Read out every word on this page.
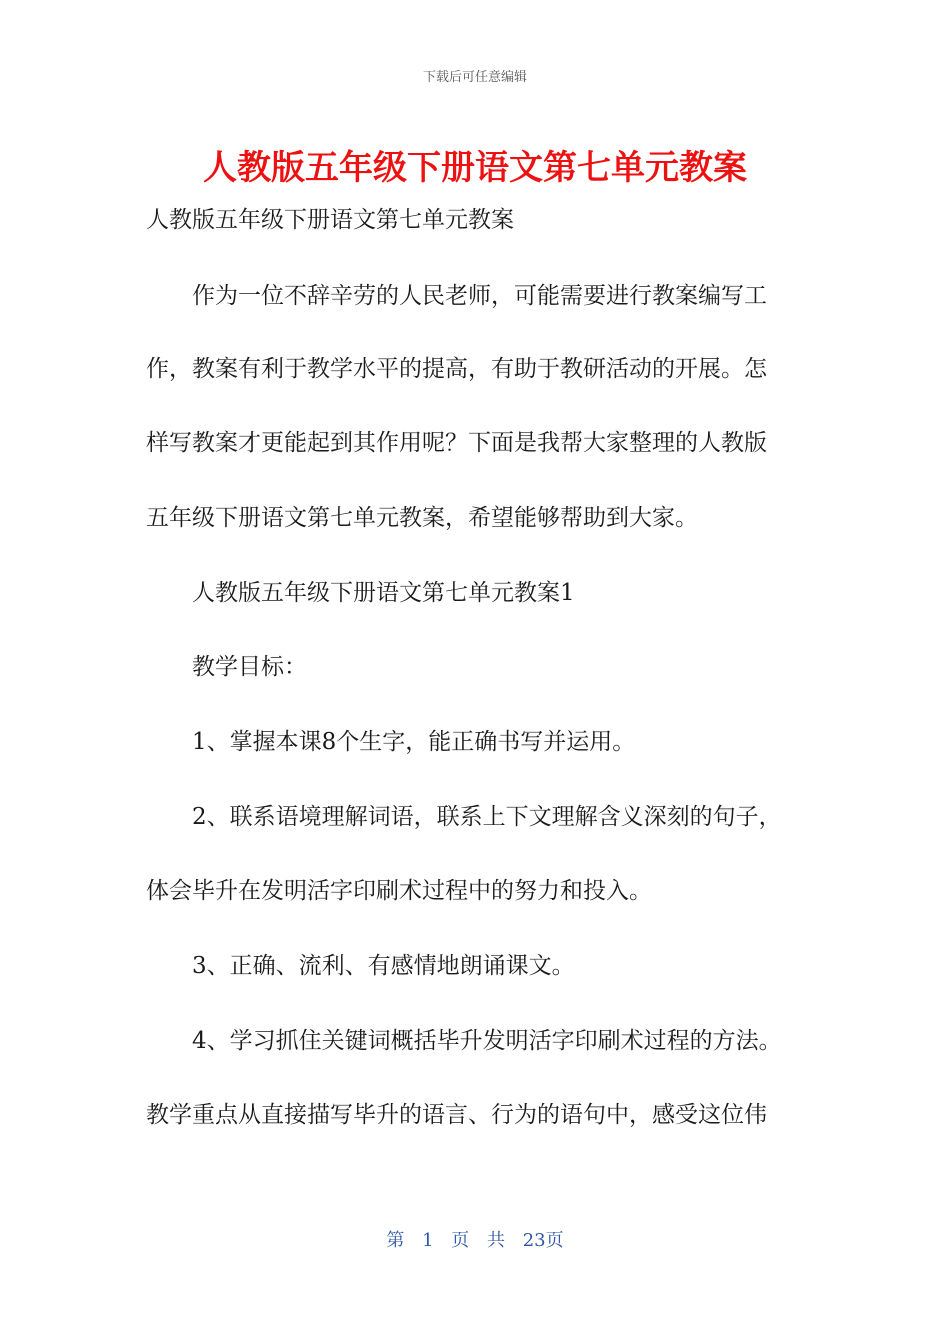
下载后可任意编辑
人教版五年级下册语文第七单元教案
人教版五年级下册语文第七单元教案
作为一位不辞辛劳的人民老师，可能需要进行教案编写工
作，教案有利于教学水平的提高，有助于教研活动的开展。怎
样写教案才更能起到其作用呢？下面是我帮大家整理的人教版
五年级下册语文第七单元教案，希望能够帮助到大家。
人教版五年级下册语文第七单元教案1
教学目标：
1、掌握本课8个生字，能正确书写并运用。
2、联系语境理解词语，联系上下文理解含义深刻的句子，
体会毕升在发明活字印刷术过程中的努力和投入。
3、正确、流利、有感情地朗诵课文。
4、学习抓住关键词概括毕升发明活字印刷术过程的方法。
教学重点从直接描写毕升的语言、行为的语句中，感受这位伟
第 1 页 共 23页
